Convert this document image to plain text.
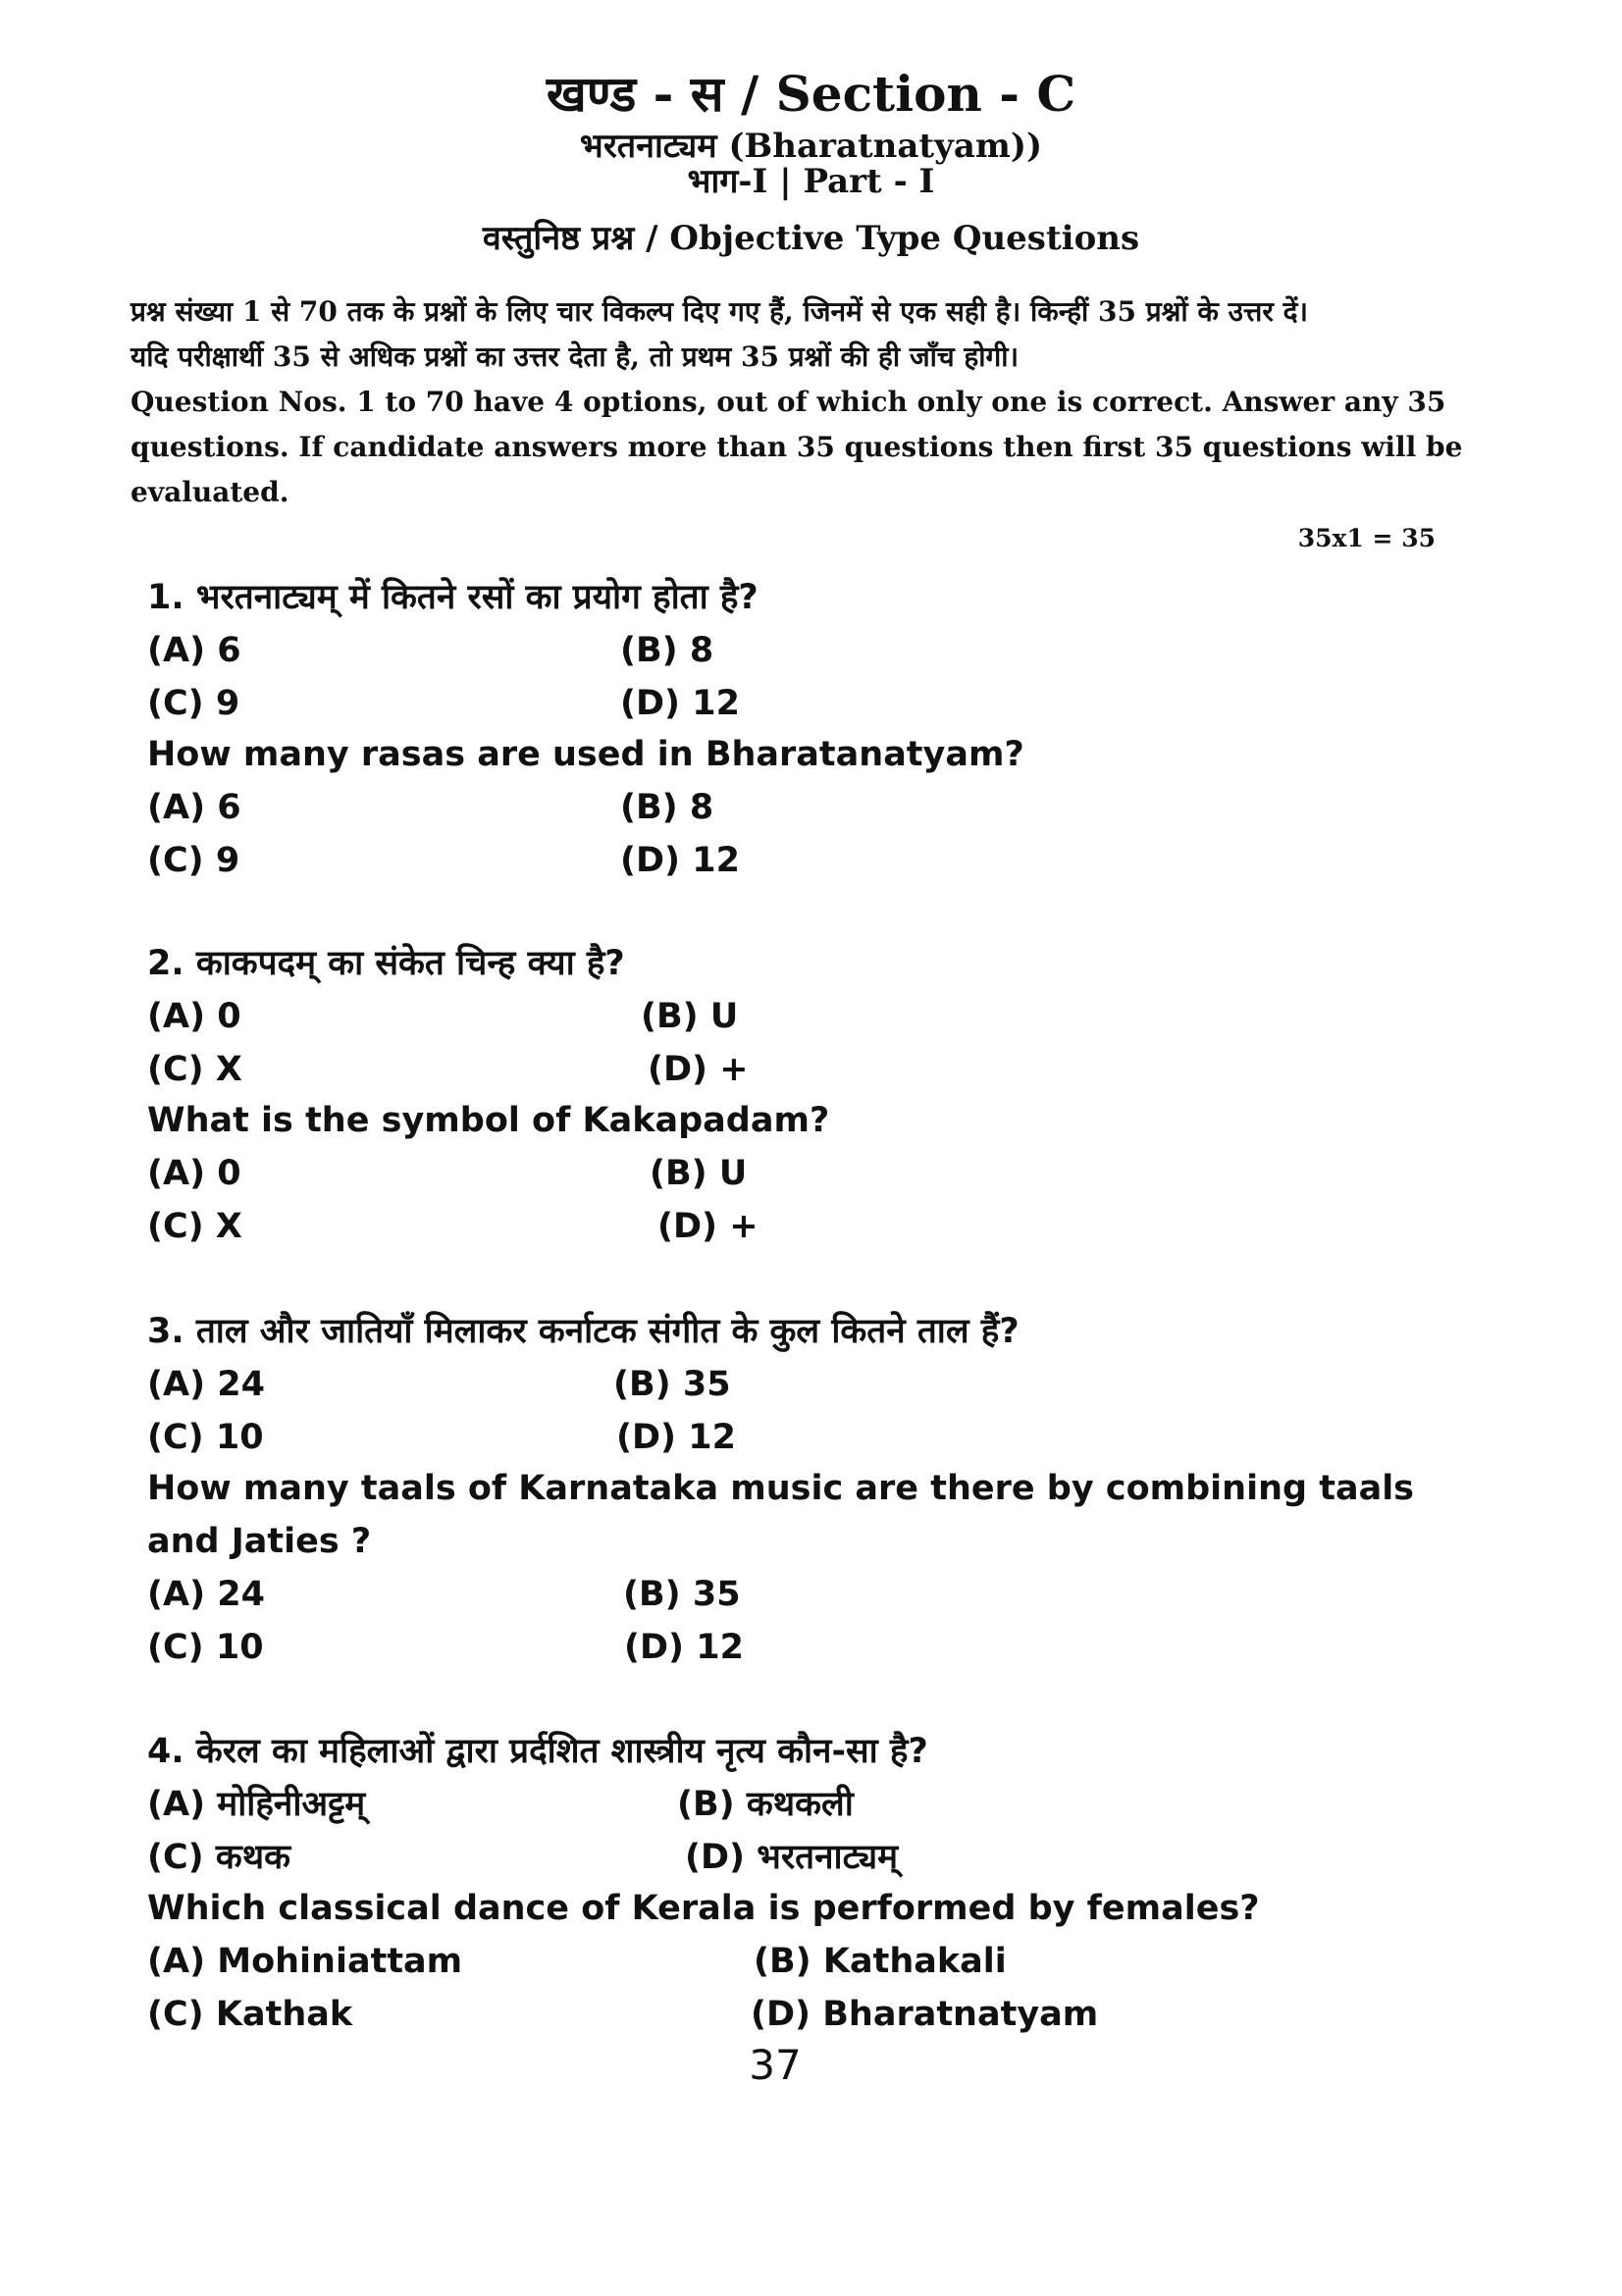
खण्ड - स / Section - C
भरतनाट्यम (Bharatnatyam))
भाग-I | Part - I
वस्तुनिष्ठ प्रश्न / Objective Type Questions
प्रश्न संख्या 1 से 70 तक के प्रश्नों के लिए चार विकल्प दिए गए हैं, जिनमें से एक सही है। किन्हीं 35 प्रश्नों के उत्तर दें।
यदि परीक्षार्थी 35 से अधिक प्रश्नों का उत्तर देता है, तो प्रथम 35 प्रश्नों की ही जाँच होगी।
Question Nos. 1 to 70 have 4 options, out of which only one is correct. Answer any 35
questions. If candidate answers more than 35 questions then first 35 questions will be
evaluated.
35x1 = 35
1. भरतनाट्यम् में कितने रसों का प्रयोग होता है?
(A) 6	(B) 8
(C) 9	(D) 12
How many rasas are used in Bharatanatyam?
(A) 6	(B) 8
(C) 9	(D) 12
2. काकपदम् का संकेत चिन्ह क्या है?
(A) 0	(B) U
(C) X	(D) +
What is the symbol of Kakapadam?
(A) 0	(B) U
(C) X	(D) +
3. ताल और जातियाँ मिलाकर कर्नाटक संगीत के कुल कितने ताल हैं?
(A) 24	(B) 35
(C) 10	(D) 12
How many taals of Karnataka music are there by combining taals
and Jaties ?
(A) 24	(B) 35
(C) 10	(D) 12
4. केरल का महिलाओं द्वारा प्रर्दशित शास्त्रीय नृत्य कौन-सा है?
(A) मोहिनीअट्टम्	(B) कथकली
(C) कथक	(D) भरतनाट्यम्
Which classical dance of Kerala is performed by females?
(A) Mohiniattam	(B) Kathakali
(C) Kathak	(D) Bharatnatyam
37
